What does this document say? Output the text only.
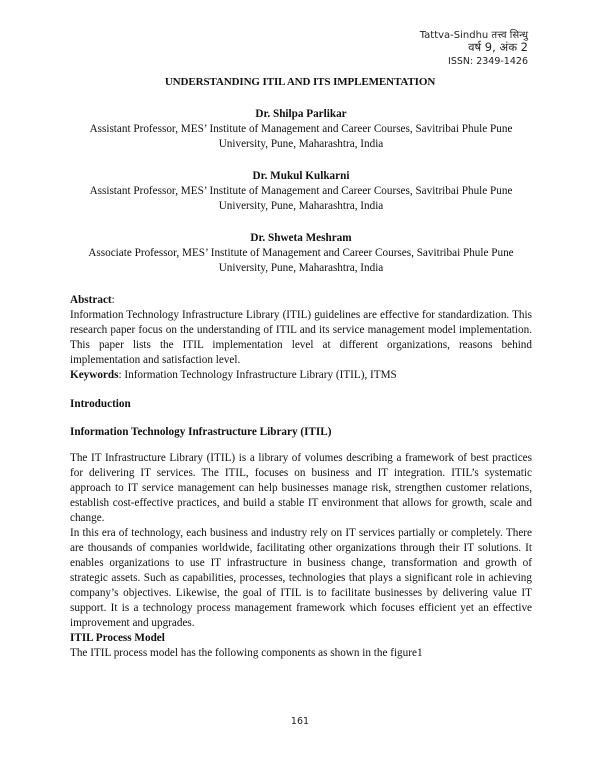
Tattva-Sindhu तत्त्व सिन्धु
वर्ष 9, अंक 2
ISSN: 2349-1426
UNDERSTANDING ITIL AND ITS IMPLEMENTATION
Dr. Shilpa Parlikar
Assistant Professor, MES’ Institute of Management and Career Courses, Savitribai Phule Pune
University, Pune, Maharashtra, India
Dr. Mukul Kulkarni
Assistant Professor, MES’ Institute of Management and Career Courses, Savitribai Phule Pune
University, Pune, Maharashtra, India
Dr. Shweta Meshram
Associate Professor, MES’ Institute of Management and Career Courses, Savitribai Phule Pune
University, Pune, Maharashtra, India

Abstract:

Information Technology Infrastructure Library (ITIL) guidelines are effective for standardization. This research paper focus on the understanding of ITIL and its service management model implementation. This paper lists the ITIL implementation level at different organizations, reasons behind implementation and satisfaction level.

Keywords: Information Technology Infrastructure Library (ITIL), ITMS

Introduction
Information Technology Infrastructure Library (ITIL)

The IT Infrastructure Library (ITIL) is a library of volumes describing a framework of best practices for delivering IT services. The ITIL, focuses on business and IT integration. ITIL’s systematic approach to IT service management can help businesses manage risk, strengthen customer relations, establish cost-effective practices, and build a stable IT environment that allows for growth, scale and change.

In this era of technology, each business and industry rely on IT services partially or completely. There are thousands of companies worldwide, facilitating other organizations through their IT solutions. It enables organizations to use IT infrastructure in business change, transformation and growth of strategic assets. Such as capabilities, processes, technologies that plays a significant role in achieving company’s objectives. Likewise, the goal of ITIL is to facilitate businesses by delivering value IT support. It is a technology process management framework which focuses efficient yet an effective improvement and upgrades.

ITIL Process Model

The ITIL process model has the following components as shown in the figure1

161
